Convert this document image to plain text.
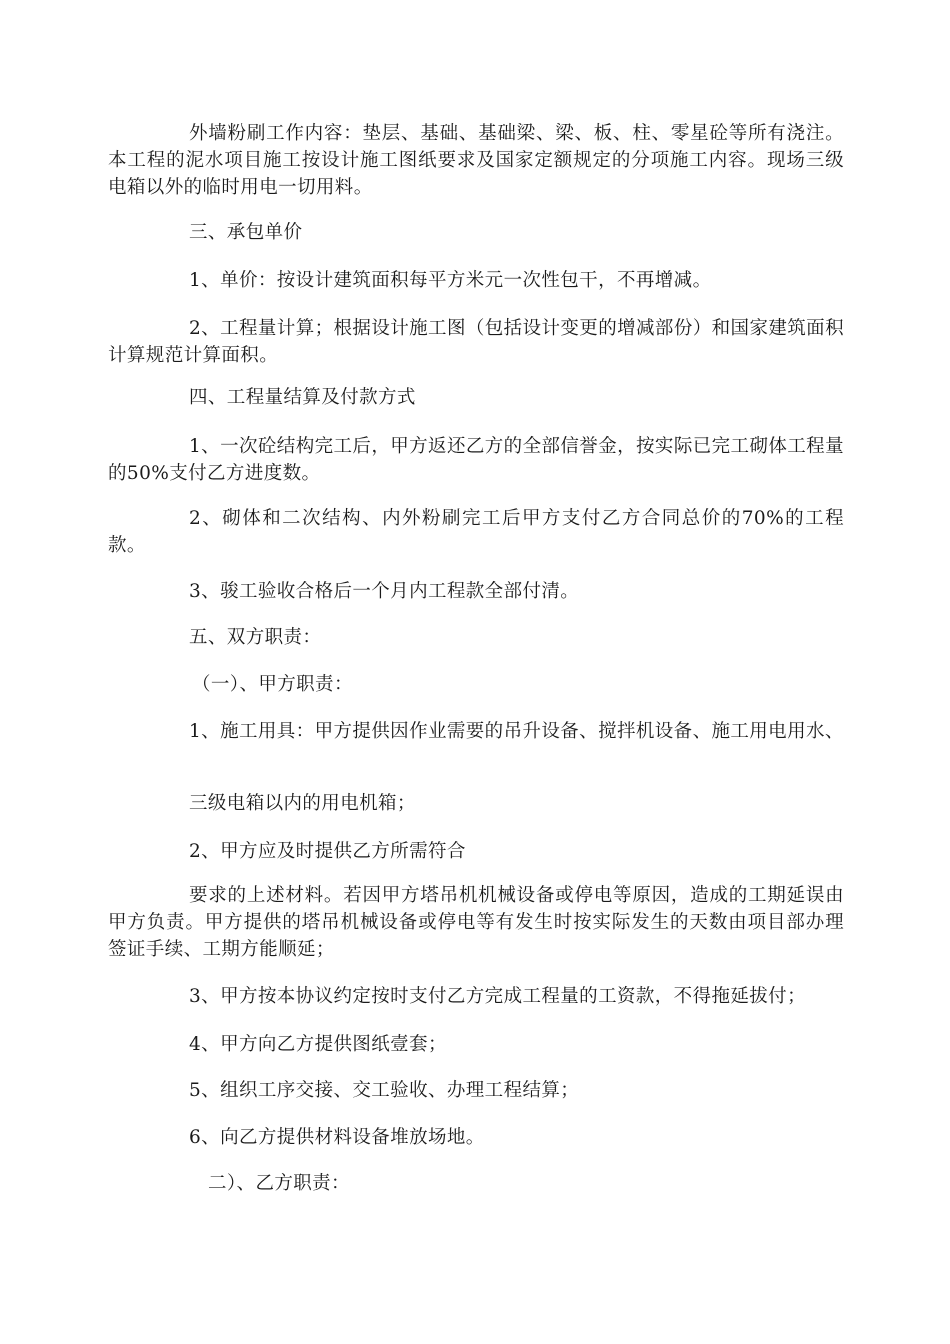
外墙粉刷工作内容：垫层、基础、基础梁、梁、板、柱、零星砼等所有浇注。本工程的泥水项目施工按设计施工图纸要求及国家定额规定的分项施工内容。现场三级电箱以外的临时用电一切用料。

三、承包单价

1、单价：按设计建筑面积每平方米元一次性包干，不再增减。

2、工程量计算；根据设计施工图（包括设计变更的增减部份）和国家建筑面积计算规范计算面积。

四、工程量结算及付款方式

1、一次砼结构完工后，甲方返还乙方的全部信誉金，按实际已完工砌体工程量的50%支付乙方进度数。

2、砌体和二次结构、内外粉刷完工后甲方支付乙方合同总价的70%的工程款。

3、骏工验收合格后一个月内工程款全部付清。

五、双方职责：

（一）、甲方职责：

1、施工用具：甲方提供因作业需要的吊升设备、搅拌机设备、施工用电用水、

三级电箱以内的用电机箱；

2、甲方应及时提供乙方所需符合

要求的上述材料。若因甲方塔吊机机械设备或停电等原因，造成的工期延误由甲方负责。甲方提供的塔吊机械设备或停电等有发生时按实际发生的天数由项目部办理签证手续、工期方能顺延；

3、甲方按本协议约定按时支付乙方完成工程量的工资款，不得拖延拔付；

4、甲方向乙方提供图纸壹套；

5、组织工序交接、交工验收、办理工程结算；

6、向乙方提供材料设备堆放场地。

二）、乙方职责：
